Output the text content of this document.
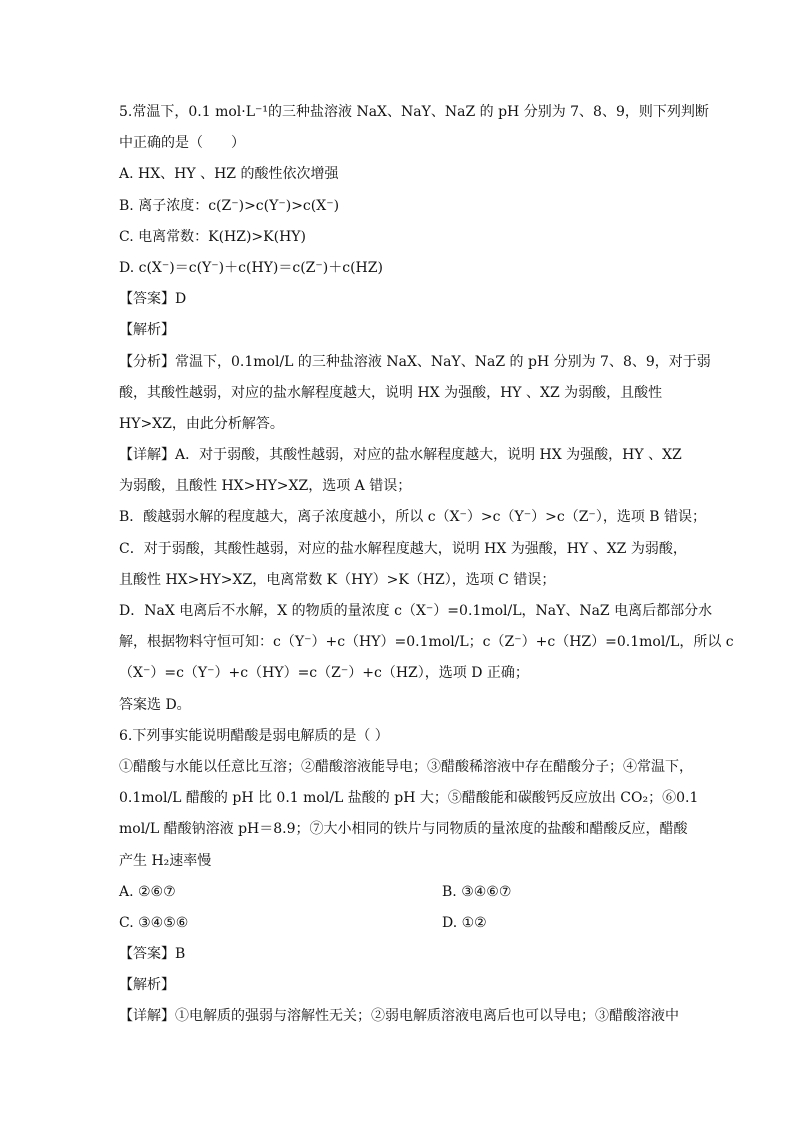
5.常温下，0.1 mol·L⁻¹的三种盐溶液 NaX、NaY、NaZ 的 pH 分别为 7、8、9，则下列判断
中正确的是（　　）
A. HX、HY 、HZ 的酸性依次增强
B. 离子浓度：c(Z⁻)>c(Y⁻)>c(X⁻)
C. 电离常数：K(HZ)>K(HY)
D. c(X⁻)＝c(Y⁻)＋c(HY)＝c(Z⁻)＋c(HZ)
【答案】D
【解析】
【分析】常温下，0.1mol/L 的三种盐溶液 NaX、NaY、NaZ 的 pH 分别为 7、8、9，对于弱
酸，其酸性越弱，对应的盐水解程度越大，说明 HX 为强酸，HY 、XZ 为弱酸，且酸性
HY>XZ，由此分析解答。
【详解】A．对于弱酸，其酸性越弱，对应的盐水解程度越大，说明 HX 为强酸，HY 、XZ
为弱酸，且酸性 HX>HY>XZ，选项 A 错误；
B．酸越弱水解的程度越大，离子浓度越小，所以 c（X⁻）>c（Y⁻）>c（Z⁻），选项 B 错误；
C．对于弱酸，其酸性越弱，对应的盐水解程度越大，说明 HX 为强酸，HY 、XZ 为弱酸，
且酸性 HX>HY>XZ，电离常数 K（HY）>K（HZ），选项 C 错误；
D．NaX 电离后不水解，X 的物质的量浓度 c（X⁻）=0.1mol/L，NaY、NaZ 电离后都部分水
解，根据物料守恒可知：c（Y⁻）+c（HY）=0.1mol/L；c（Z⁻）+c（HZ）=0.1mol/L，所以 c
（X⁻）=c（Y⁻）+c（HY）=c（Z⁻）+c（HZ），选项 D 正确；
答案选 D。
6.下列事实能说明醋酸是弱电解质的是（ ）
①醋酸与水能以任意比互溶；②醋酸溶液能导电；③醋酸稀溶液中存在醋酸分子；④常温下，
0.1mol/L 醋酸的 pH 比 0.1 mol/L 盐酸的 pH 大；⑤醋酸能和碳酸钙反应放出 CO₂；⑥0.1
mol/L 醋酸钠溶液 pH＝8.9；⑦大小相同的铁片与同物质的量浓度的盐酸和醋酸反应，醋酸
产生 H₂速率慢
A. ②⑥⑦	B. ③④⑥⑦
C. ③④⑤⑥	D. ①②
【答案】B
【解析】
【详解】①电解质的强弱与溶解性无关；②弱电解质溶液电离后也可以导电；③醋酸溶液中
